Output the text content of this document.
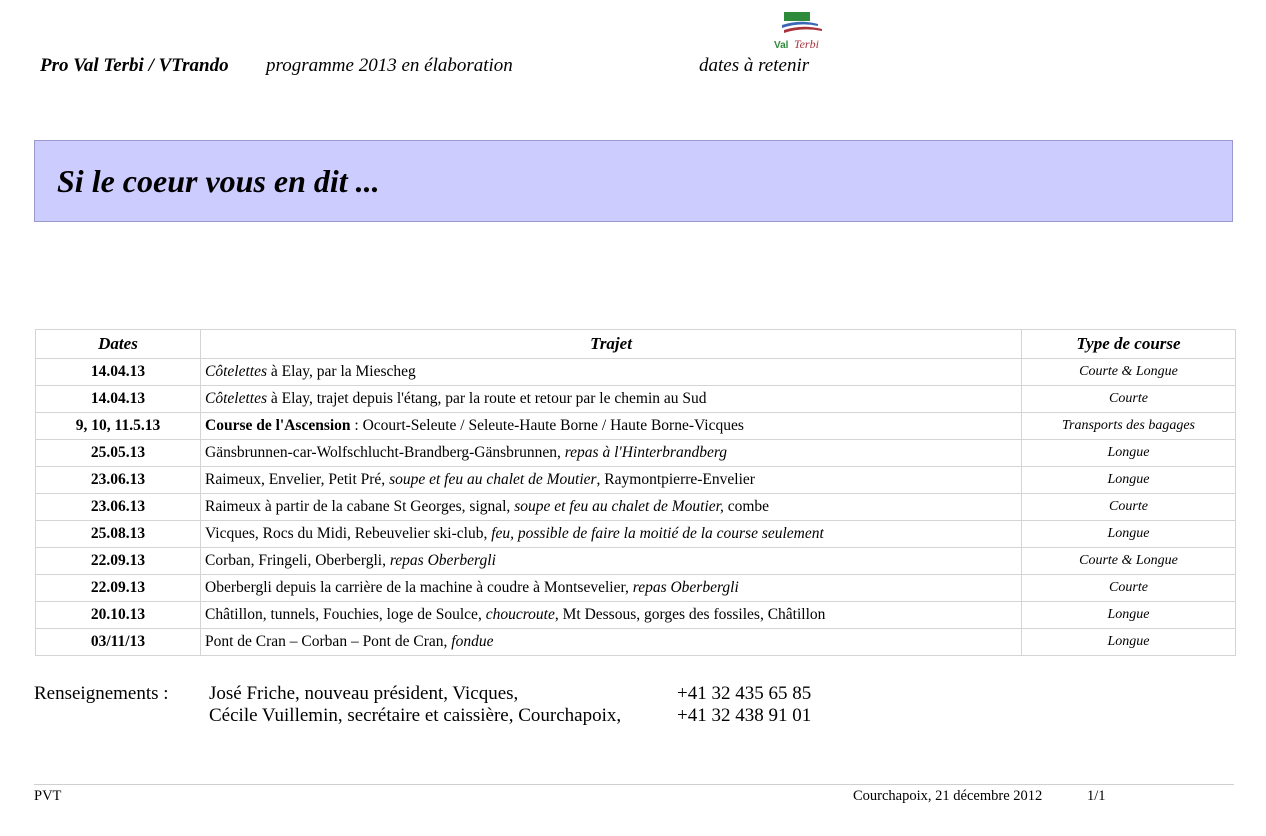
Pro Val Terbi / VTrando programme 2013 en élaboration	dates à retenir
Val Terbi
Si le coeur vous en dit ...
Dates	Trajet	Type de course
14.04.13	Côtelettes à Elay, par la Miescheg	Courte & Longue
14.04.13	Côtelettes à Elay, trajet depuis l'étang, par la route et retour par le chemin au Sud	Courte
9, 10, 11.5.13	Course de l'Ascension : Ocourt-Seleute / Seleute-Haute Borne / Haute Borne-Vicques	Transports des bagages
25.05.13	Gänsbrunnen-car-Wolfschlucht-Brandberg-Gänsbrunnen, repas à l'Hinterbrandberg	Longue
23.06.13	Raimeux, Envelier, Petit Pré, soupe et feu au chalet de Moutier, Raymontpierre-Envelier	Longue
23.06.13	Raimeux à partir de la cabane St Georges, signal, soupe et feu au chalet de Moutier, combe	Courte
25.08.13	Vicques, Rocs du Midi, Rebeuvelier ski-club, feu, possible de faire la moitié de la course seulement	Longue
22.09.13	Corban, Fringeli, Oberbergli, repas Oberbergli	Courte & Longue
22.09.13	Oberbergli depuis la carrière de la machine à coudre à Montsevelier, repas Oberbergli	Courte
20.10.13	Châtillon, tunnels, Fouchies, loge de Soulce, choucroute, Mt Dessous, gorges des fossiles, Châtillon	Longue
03/11/13	Pont de Cran – Corban – Pont de Cran, fondue	Longue
Renseignements : José Friche, nouveau président, Vicques,	+41 32 435 65 85
Cécile Vuillemin, secrétaire et caissière, Courchapoix,	+41 32 438 91 01
PVT	Courchapoix, 21 décembre 2012	1/1
